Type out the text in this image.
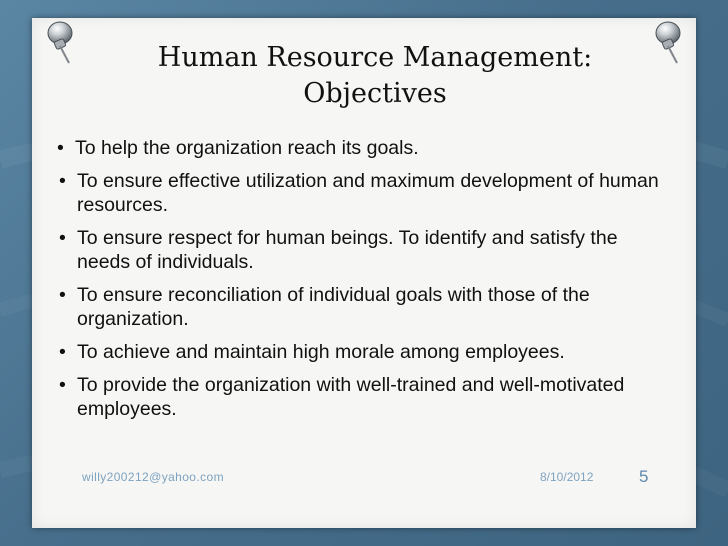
Human Resource Management:
Objectives
• To help the organization reach its goals.
• To ensure effective utilization and maximum development of human resources.
• To ensure respect for human beings. To identify and satisfy the needs of individuals.
• To ensure reconciliation of individual goals with those of the organization.
• To achieve and maintain high morale among employees.
• To provide the organization with well-trained and well-motivated employees.
willy200212@yahoo.com	8/10/2012	5
